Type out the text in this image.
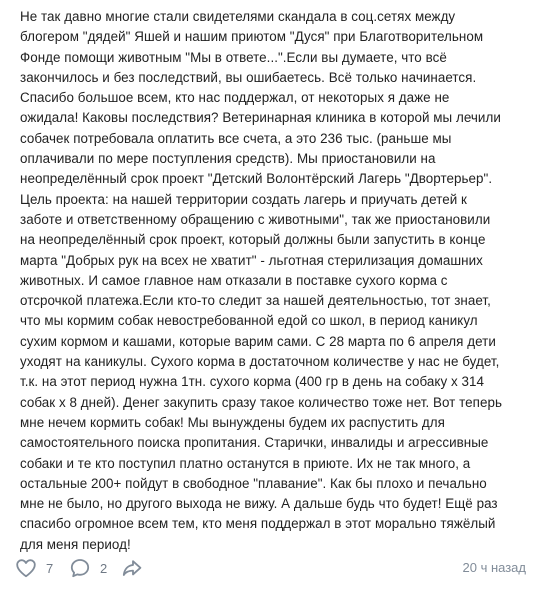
Не так давно многие стали свидетелями скандала в соц.сетях между
блогером "дядей" Яшей и нашим приютом "Дуся" при Благотворительном
Фонде помощи животным "Мы в ответе...".Если вы думаете, что всё
закончилось и без последствий, вы ошибаетесь. Всё только начинается.
Спасибо большое всем, кто нас поддержал, от некоторых я даже не
ожидала! Каковы последствия? Ветеринарная клиника в которой мы лечили
собачек потребовала оплатить все счета, а это 236 тыс. (раньше мы
оплачивали по мере поступления средств). Мы приостановили на
неопределённый срок проект "Детский Волонтёрский Лагерь "Двортерьер".
Цель проекта: на нашей территории создать лагерь и приучать детей к
заботе и ответственному обращению с животными", так же приостановили
на неопределённый срок проект, который должны были запустить в конце
марта "Добрых рук на всех не хватит" - льготная стерилизация домашних
животных. И самое главное нам отказали в поставке сухого корма с
отсрочкой платежа.Если кто-то следит за нашей деятельностью, тот знает,
что мы кормим собак невостребованной едой со школ, в период каникул
сухим кормом и кашами, которые варим сами. С 28 марта по 6 апреля дети
уходят на каникулы. Сухого корма в достаточном количестве у нас не будет,
т.к. на этот период нужна 1тн. сухого корма (400 гр в день на собаку х 314
собак х 8 дней). Денег закупить сразу такое количество тоже нет. Вот теперь
мне нечем кормить собак! Мы вынуждены будем их распустить для
самостоятельного поиска пропитания. Старички, инвалиды и агрессивные
собаки и те кто поступил платно останутся в приюте. Их не так много, а
остальные 200+ пойдут в свободное "плавание". Как бы плохо и печально
мне не было, но другого выхода не вижу. А дальше будь что будет! Ещё раз
спасибо огромное всем тем, кто меня поддержал в этот морально тяжёлый
для меня период!

7	2	20 ч назад
